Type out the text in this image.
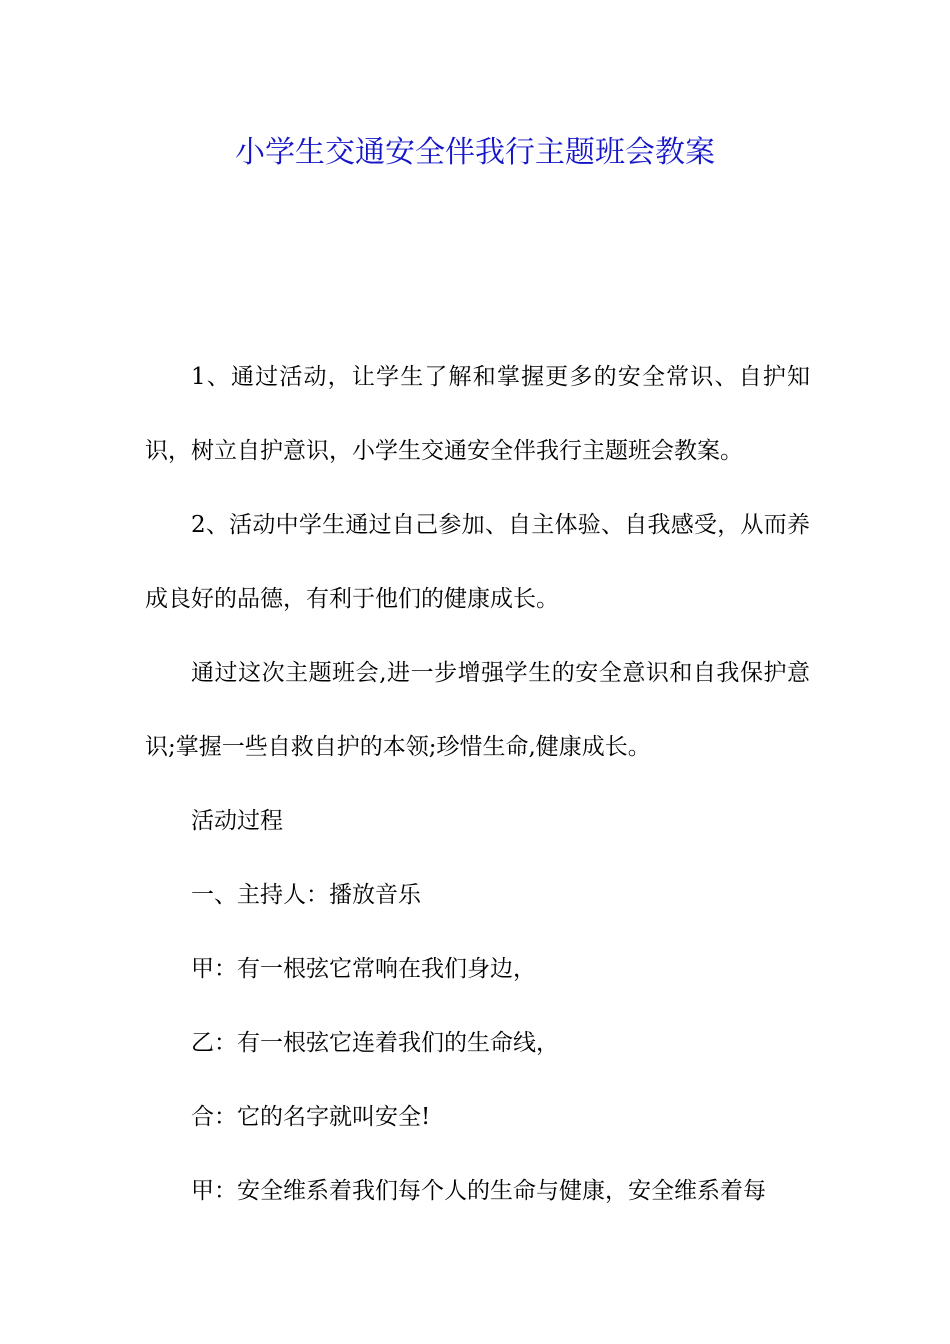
小学生交通安全伴我行主题班会教案

1、通过活动，让学生了解和掌握更多的安全常识、自护知识，树立自护意识，小学生交通安全伴我行主题班会教案。

2、活动中学生通过自己参加、自主体验、自我感受，从而养成良好的品德，有利于他们的健康成长。

通过这次主题班会,进一步增强学生的安全意识和自我保护意识;掌握一些自救自护的本领;珍惜生命,健康成长。

活动过程

一、主持人：播放音乐

甲：有一根弦它常响在我们身边，

乙：有一根弦它连着我们的生命线，

合：它的名字就叫安全!

甲：安全维系着我们每个人的生命与健康，安全维系着每
